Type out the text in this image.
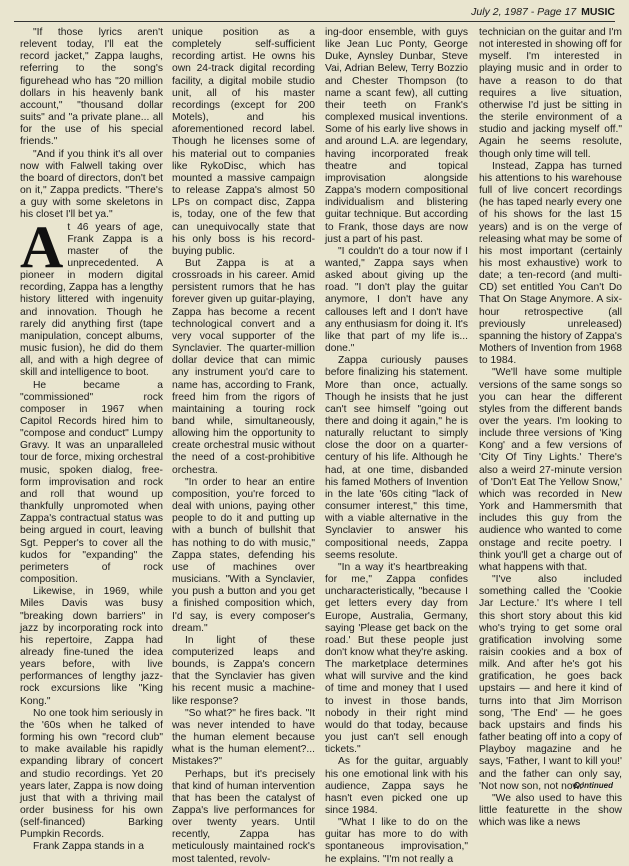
July 2, 1987 - Page 17 MUSIC

"If those lyrics aren't relevent today, I'll eat the record jacket," Zappa laughs, referring to the song's figurehead who has "20 million dollars in his heavenly bank account," "thousand dollar suits" and "a private plane... all for the use of his special friends."

"And if you think it's all over now with Falwell taking over the board of directors, don't bet on it," Zappa predicts. "There's a guy with some skeletons in his closet I'll bet ya."

At 46 years of age, Frank Zappa is a master of the unprecedented. A pioneer in modern digital recording, Zappa has a lengthy history littered with ingenuity and innovation. Though he rarely did anything first (tape manipulation, concept albums, music fusion), he did do them all, and with a high degree of skill and intelligence to boot.

He became a "commissioned" rock composer in 1967 when Capitol Records hired him to "compose and conduct" Lumpy Gravy. It was an unparalleled tour de force, mixing orchestral music, spoken dialog, free-form improvisation and rock and roll that wound up thankfully unpromoted when Zappa's contractual status was being argued in court, leaving Sgt. Pepper's to cover all the kudos for "expanding" the perimeters of rock composition.

Likewise, in 1969, while Miles Davis was busy "breaking down barriers" in jazz by incorporating rock into his repertoire, Zappa had already fine-tuned the idea years before, with live performances of lengthy jazz-rock excursions like "King Kong."

No one took him seriously in the '60s when he talked of forming his own "record club" to make available his rapidly expanding library of concert and studio recordings. Yet 20 years later, Zappa is now doing just that with a thriving mail order business for his own (self-financed) Barking Pumpkin Records.

Frank Zappa stands in a

unique position as a completely self-sufficient recording artist. He owns his own 24-track digital recording facility, a digital mobile studio unit, all of his master recordings (except for 200 Motels), and his aforementioned record label. Though he licenses some of his material out to companies like RykoDisc, which has mounted a massive campaign to release Zappa's almost 50 LPs on compact disc, Zappa is, today, one of the few that can unequivocally state that his only boss is his record-buying public.

But Zappa is at a crossroads in his career. Amid persistent rumors that he has forever given up guitar-playing, Zappa has become a recent technological convert and a very vocal supporter of the Synclavier. The quarter-million dollar device that can mimic any instrument you'd care to name has, according to Frank, freed him from the rigors of maintaining a touring rock band while, simultaneously, allowing him the opportunity to create orchestral music without the need of a cost-prohibitive orchestra.

"In order to hear an entire composition, you're forced to deal with unions, paying other people to do it and putting up with a bunch of bullshit that has nothing to do with music," Zappa states, defending his use of machines over musicians. "With a Synclavier, you push a button and you get a finished composition which, I'd say, is every composer's dream."

In light of these computerized leaps and bounds, is Zappa's concern that the Synclavier has given his recent music a machine-like response?

"So what?" he fires back. "It was never intended to have the human element because what is the human element?... Mistakes?"

Perhaps, but it's precisely that kind of human intervention that has been the catalyst of Zappa's live performances for over twenty years. Until recently, Zappa has meticulously maintained rock's most talented, revolv-

ing-door ensemble, with guys like Jean Luc Ponty, George Duke, Aynsley Dunbar, Steve Vai, Adrian Belew, Terry Bozzio and Chester Thompson (to name a scant few), all cutting their teeth on Frank's complexed musical inventions. Some of his early live shows in and around L.A. are legendary, having incorporated freak theatre and topical improvisation alongside Zappa's modern compositional individualism and blistering guitar technique. But according to Frank, those days are now just a part of his past.

"I couldn't do a tour now if I wanted," Zappa says when asked about giving up the road. "I don't play the guitar anymore, I don't have any callouses left and I don't have any enthusiasm for doing it. It's like that part of my life is... done."

Zappa curiously pauses before finalizing his statement. More than once, actually. Though he insists that he just can't see himself "going out there and doing it again," he is naturally reluctant to simply close the door on a quarter-century of his life. Although he had, at one time, disbanded his famed Mothers of Invention in the late '60s citing "lack of consumer interest," this time, with a viable alternative in the Synclavier to answer his compositional needs, Zappa seems resolute.

"In a way it's heartbreaking for me," Zappa confides uncharacteristically, "because I get letters every day from Europe, Australia, Germany, saying 'Please get back on the road.' But these people just don't know what they're asking. The marketplace determines what will survive and the kind of time and money that I used to invest in those bands, nobody in their right mind would do that today, because you just can't sell enough tickets."

As for the guitar, arguably his one emotional link with his audience, Zappa says he hasn't even picked one up since 1984.

"What I like to do on the guitar has more to do with spontaneous improvisation," he explains. "I'm not really a

technician on the guitar and I'm not interested in showing off for myself. I'm interested in playing music and in order to have a reason to do that requires a live situation, otherwise I'd just be sitting in the sterile environment of a studio and jacking myself off." Again he seems resolute, though only time will tell.

Instead, Zappa has turned his attentions to his warehouse full of live concert recordings (he has taped nearly every one of his shows for the last 15 years) and is on the verge of releasing what may be some of his most important (certainly his most exhaustive) work to date; a ten-record (and multi-CD) set entitled You Can't Do That On Stage Anymore. A six-hour retrospective (all previously unreleased) spanning the history of Zappa's Mothers of Invention from 1968 to 1984.

"We'll have some multiple versions of the same songs so you can hear the different styles from the different bands over the years. I'm looking to include three versions of 'King Kong' and a few versions of 'City Of Tiny Lights.' There's also a weird 27-minute version of 'Don't Eat The Yellow Snow,' which was recorded in New York and Hammersmith that includes this guy from the audience who wanted to come onstage and recite poetry. I think you'll get a charge out of what happens with that.

"I've also included something called the 'Cookie Jar Lecture.' It's where I tell this short story about this kid who's trying to get some oral gratification involving some raisin cookies and a box of milk. And after he's got his gratification, he goes back upstairs — and here it kind of turns into that Jim Morrison song, 'The End' — he goes back upstairs and finds his father beating off into a copy of Playboy magazine and he says, 'Father, I want to kill you!' and the father can only say, 'Not now son, not now.'

"We also used to have this little featurette in the show which was like a news

Continued
